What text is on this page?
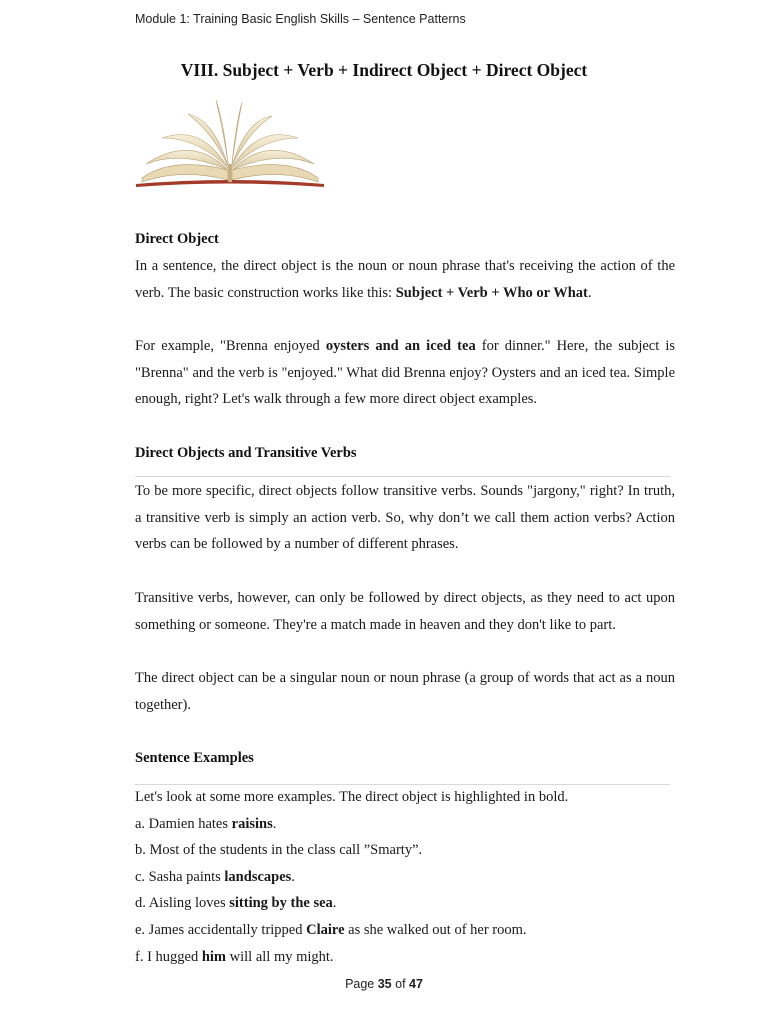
Module 1: Training Basic English Skills – Sentence Patterns
VIII. Subject + Verb + Indirect Object + Direct Object
Direct Object
In a sentence, the direct object is the noun or noun phrase that's receiving the action of the verb. The basic construction works like this: Subject + Verb + Who or What.
For example, "Brenna enjoyed oysters and an iced tea for dinner." Here, the subject is "Brenna" and the verb is "enjoyed." What did Brenna enjoy? Oysters and an iced tea. Simple enough, right? Let's walk through a few more direct object examples.
Direct Objects and Transitive Verbs
To be more specific, direct objects follow transitive verbs. Sounds "jargony," right? In truth, a transitive verb is simply an action verb. So, why don’t we call them action verbs? Action verbs can be followed by a number of different phrases.
Transitive verbs, however, can only be followed by direct objects, as they need to act upon something or someone. They're a match made in heaven and they don't like to part.
The direct object can be a singular noun or noun phrase (a group of words that act as a noun together).
Sentence Examples
Let's look at some more examples. The direct object is highlighted in bold.
a. Damien hates raisins.
b. Most of the students in the class call ”Smarty”.
c. Sasha paints landscapes.
d. Aisling loves sitting by the sea.
e. James accidentally tripped Claire as she walked out of her room.
f. I hugged him will all my might.
Page 35 of 47
